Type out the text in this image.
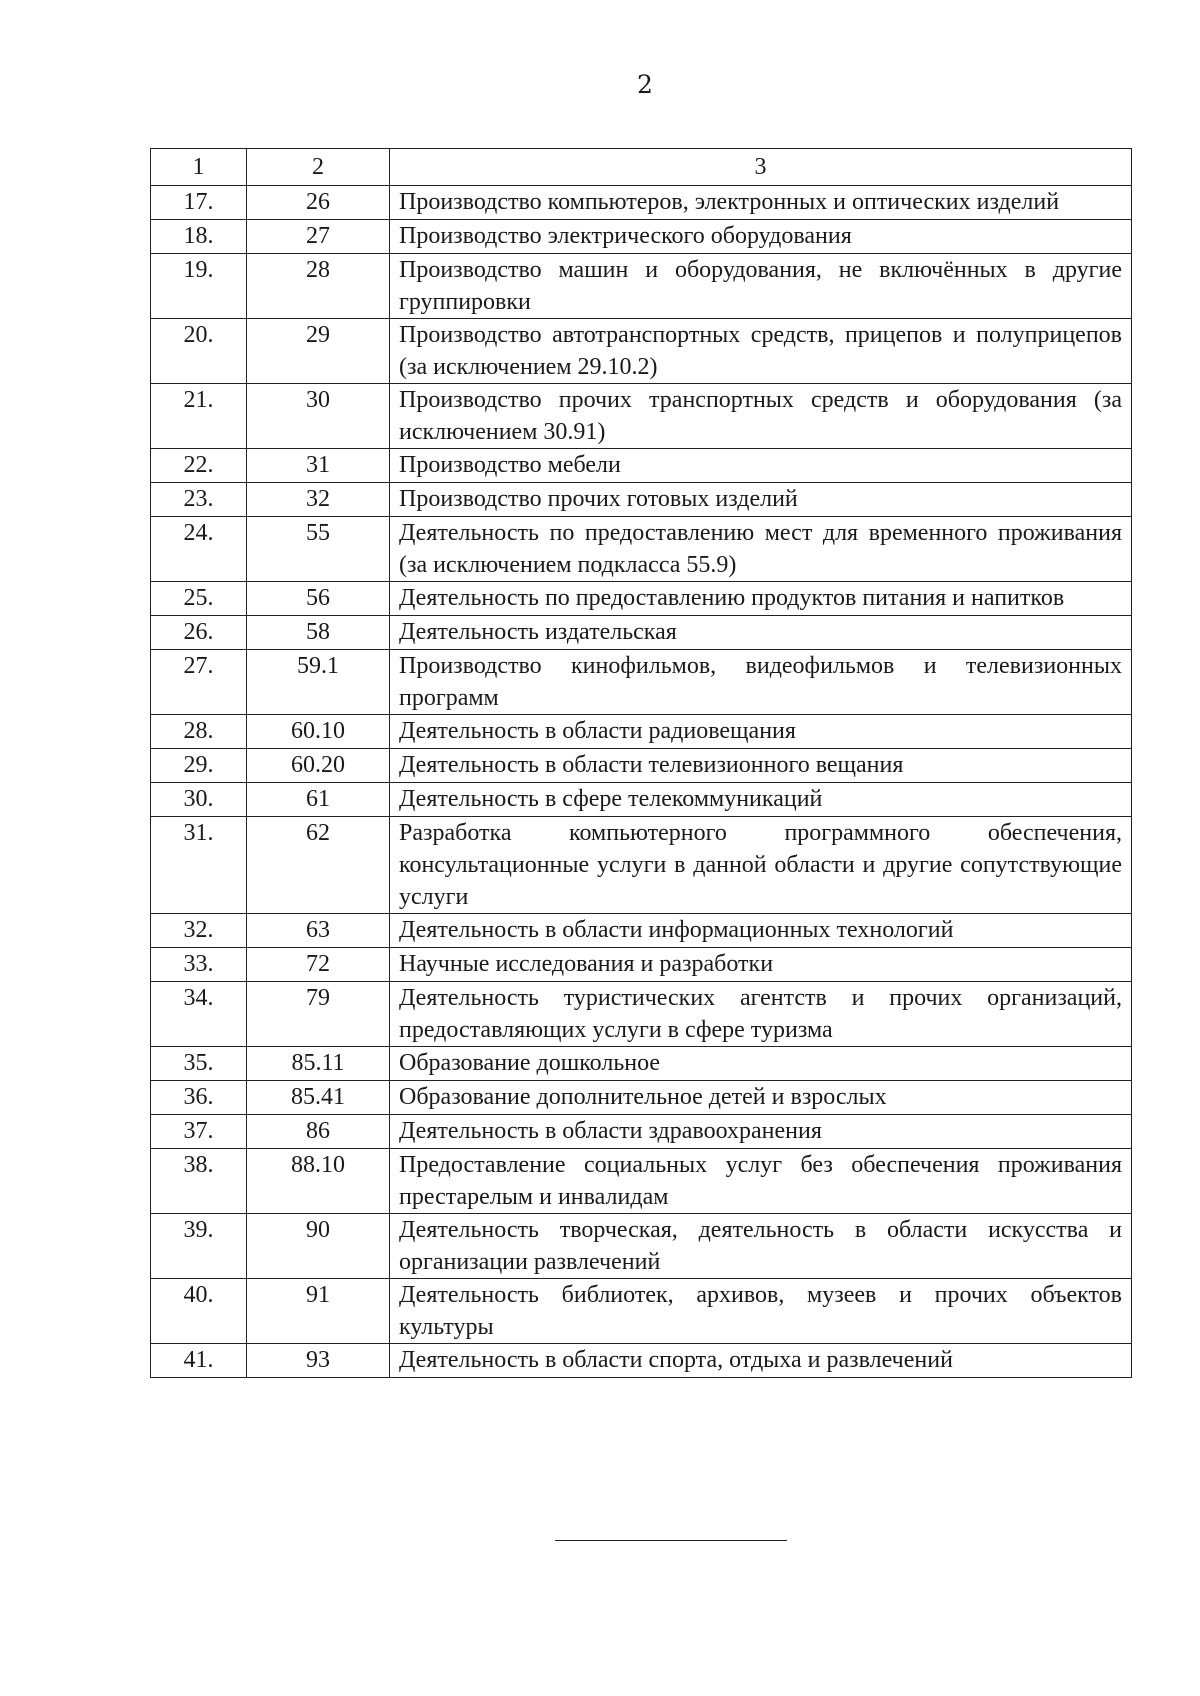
2
1	2	3
17.	26	Производство компьютеров, электронных и оптических изделий
18.	27	Производство электрического оборудования
19.	28	Производство машин и оборудования, не включённых в другие группировки
20.	29	Производство автотранспортных средств, прицепов и полуприцепов (за исключением 29.10.2)
21.	30	Производство прочих транспортных средств и оборудования (за исключением 30.91)
22.	31	Производство мебели
23.	32	Производство прочих готовых изделий
24.	55	Деятельность по предоставлению мест для временного проживания (за исключением подкласса 55.9)
25.	56	Деятельность по предоставлению продуктов питания и напитков
26.	58	Деятельность издательская
27.	59.1	Производство кинофильмов, видеофильмов и телевизионных программ
28.	60.10	Деятельность в области радиовещания
29.	60.20	Деятельность в области телевизионного вещания
30.	61	Деятельность в сфере телекоммуникаций
31.	62	Разработка компьютерного программного обеспечения, консультационные услуги в данной области и другие сопутствующие услуги
32.	63	Деятельность в области информационных технологий
33.	72	Научные исследования и разработки
34.	79	Деятельность туристических агентств и прочих организаций, предоставляющих услуги в сфере туризма
35.	85.11	Образование дошкольное
36.	85.41	Образование дополнительное детей и взрослых
37.	86	Деятельность в области здравоохранения
38.	88.10	Предоставление социальных услуг без обеспечения проживания престарелым и инвалидам
39.	90	Деятельность творческая, деятельность в области искусства и организации развлечений
40.	91	Деятельность библиотек, архивов, музеев и прочих объектов культуры
41.	93	Деятельность в области спорта, отдыха и развлечений
